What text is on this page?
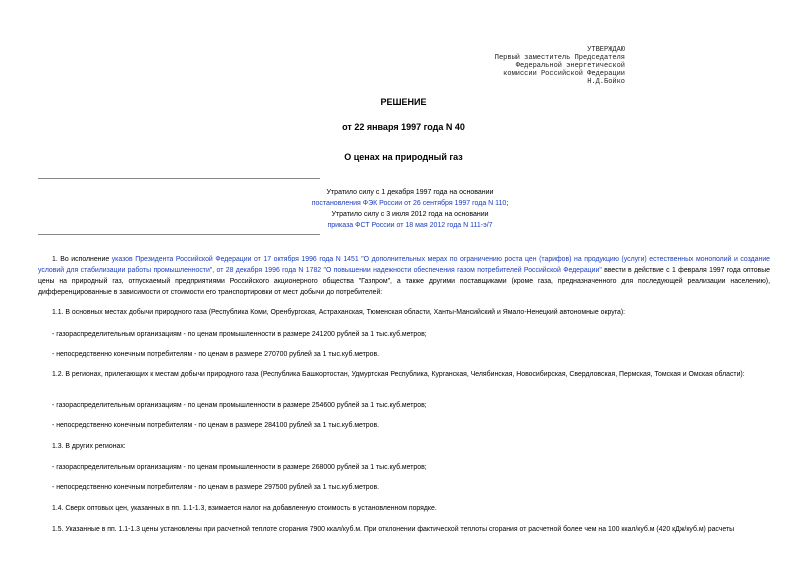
УТВЕРЖДАЮ
Первый заместитель Председателя
Федеральной энергетической
комиссии Российской Федерации
Н.Д.Бойко
РЕШЕНИЕ
от 22 января 1997 года N 40
О ценах на природный газ
Утратило силу с 1 декабря 1997 года на основании
постановления ФЭК России от 26 сентября 1997 года N 110;
Утратило силу с 3 июля 2012 года на основании
приказа ФСТ России от 18 мая 2012 года N 111-э/7
1. Во исполнение указов Президента Российской Федерации от 17 октября 1996 года N 1451 "О дополнительных мерах по ограничению роста цен (тарифов) на продукцию (услуги) естественных монополий и создание условий для стабилизации работы промышленности", от 28 декабря 1996 года N 1782 "О повышении надежности обеспечения газом потребителей Российской Федерации" ввести в действие с 1 февраля 1997 года оптовые цены на природный газ, отпускаемый предприятиями Российского акционерного общества "Газпром", а также другими поставщиками (кроме газа, предназначенного для последующей реализации населению), дифференцированные в зависимости от стоимости его транспортировки от мест добычи до потребителей:
1.1. В основных местах добычи природного газа (Республика Коми, Оренбургская, Астраханская, Тюменская области, Ханты-Мансийский и Ямало-Ненецкий автономные округа):
- газораспределительным организациям - по ценам промышленности в размере 241200 рублей за 1 тыс.куб.метров;
- непосредственно конечным потребителям - по ценам в размере 270700 рублей за 1 тыс.куб.метров.
1.2. В регионах, прилегающих к местам добычи природного газа (Республика Башкортостан, Удмуртская Республика, Курганская, Челябинская, Новосибирская, Свердловская, Пермская, Томская и Омская области):
- газораспределительным организациям - по ценам промышленности в размере 254600 рублей за 1 тыс.куб.метров;
- непосредственно конечным потребителям - по ценам в размере 284100 рублей за 1 тыс.куб.метров.
1.3. В других регионах:
- газораспределительным организациям - по ценам промышленности в размере 268000 рублей за 1 тыс.куб.метров;
- непосредственно конечным потребителям - по ценам в размере 297500 рублей за 1 тыс.куб.метров.
1.4. Сверх оптовых цен, указанных в пп. 1.1-1.3, взимается налог на добавленную стоимость в установленном порядке.
1.5. Указанные в пп. 1.1-1.3 цены установлены при расчетной теплоте сгорания 7900 ккал/куб.м. При отклонении фактической теплоты сгорания от расчетной более чем на 100 ккал/куб.м (420 кДж/куб.м) расчеты
